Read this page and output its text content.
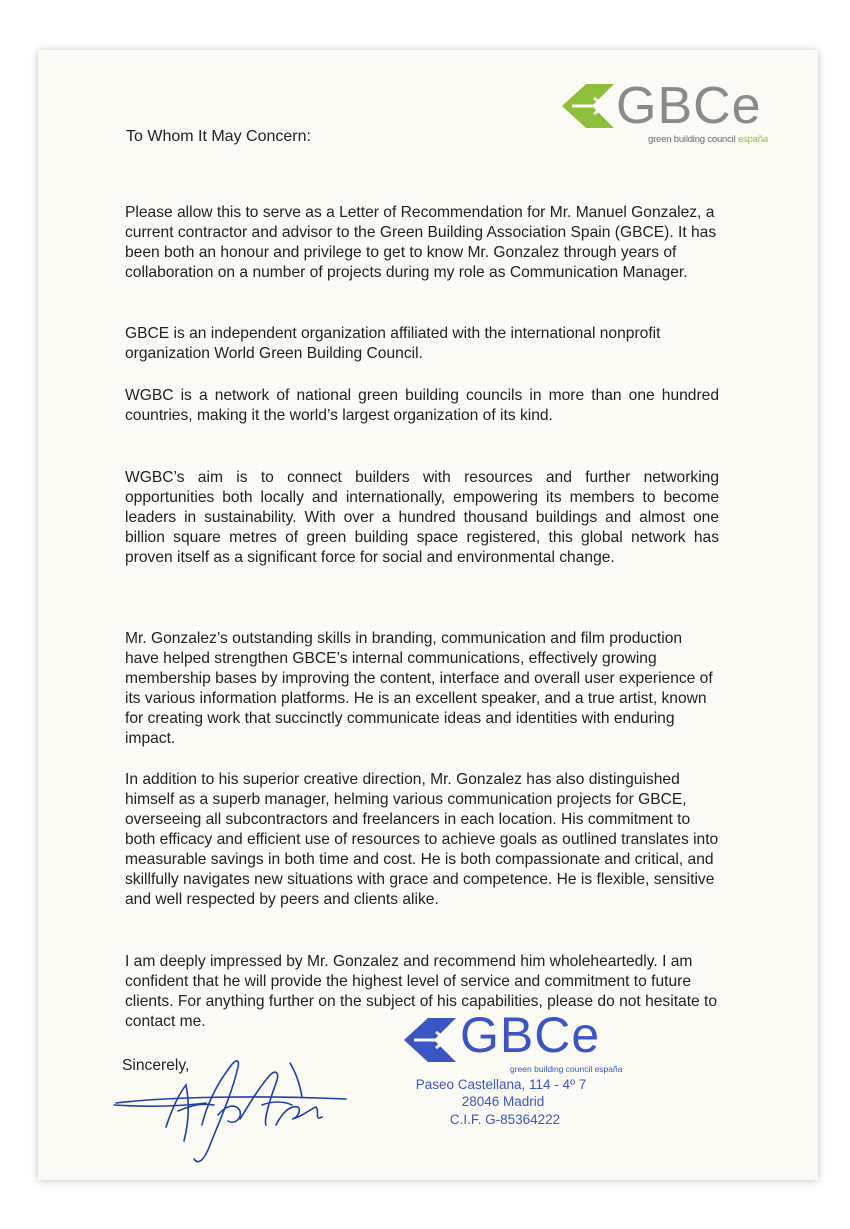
GBCe
green building council españa
To Whom It May Concern:

Please allow this to serve as a Letter of Recommendation for Mr. Manuel Gonzalez, a current contractor and advisor to the Green Building Association Spain (GBCE). It has been both an honour and privilege to get to know Mr. Gonzalez through years of collaboration on a number of projects during my role as Communication Manager.

GBCE is an independent organization affiliated with the international nonprofit organization World Green Building Council.

WGBC is a network of national green building councils in more than one hundred countries, making it the world’s largest organization of its kind.

WGBC’s aim is to connect builders with resources and further networking opportunities both locally and internationally, empowering its members to become leaders in sustainability. With over a hundred thousand buildings and almost one billion square metres of green building space registered, this global network has proven itself as a significant force for social and environmental change.

Mr. Gonzalez’s outstanding skills in branding, communication and film production have helped strengthen GBCE’s internal communications, effectively growing membership bases by improving the content, interface and overall user experience of its various information platforms. He is an excellent speaker, and a true artist, known for creating work that succinctly communicate ideas and identities with enduring impact.

In addition to his superior creative direction, Mr. Gonzalez has also distinguished himself as a superb manager, helming various communication projects for GBCE, overseeing all subcontractors and freelancers in each location. His commitment to both efficacy and efficient use of resources to achieve goals as outlined translates into measurable savings in both time and cost. He is both compassionate and critical, and skillfully navigates new situations with grace and competence. He is flexible, sensitive and well respected by peers and clients alike.

I am deeply impressed by Mr. Gonzalez and recommend him wholeheartedly. I am confident that he will provide the highest level of service and commitment to future clients. For anything further on the subject of his capabilities, please do not hesitate to contact me.

Sincerely,
GBCe
green building council españa
Paseo Castellana, 114 - 4º 7
28046 Madrid
C.I.F. G-85364222
